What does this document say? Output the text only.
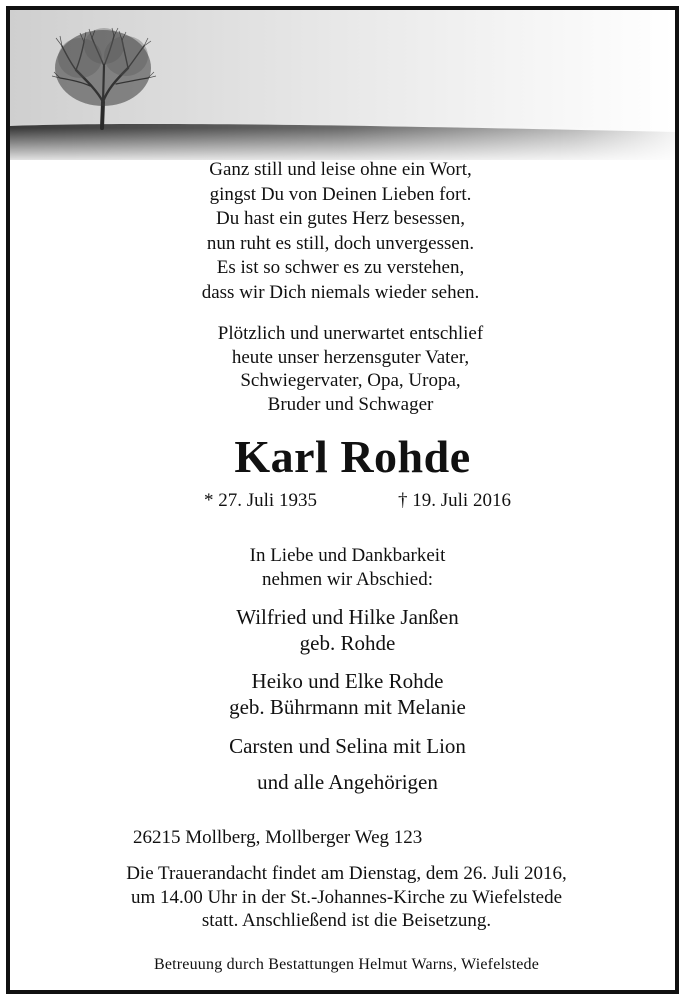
Ganz still und leise ohne ein Wort,
gingst Du von Deinen Lieben fort.
Du hast ein gutes Herz besessen,
nun ruht es still, doch unvergessen.
Es ist so schwer es zu verstehen,
dass wir Dich niemals wieder sehen.
Plötzlich und unerwartet entschlief
heute unser herzensguter Vater,
Schwiegervater, Opa, Uropa,
Bruder und Schwager
Karl Rohde
* 27. Juli 1935	† 19. Juli 2016
In Liebe und Dankbarkeit
nehmen wir Abschied:
Wilfried und Hilke Janßen
geb. Rohde
Heiko und Elke Rohde
geb. Bührmann mit Melanie
Carsten und Selina mit Lion
und alle Angehörigen
26215 Mollberg, Mollberger Weg 123
Die Trauerandacht findet am Dienstag, dem 26. Juli 2016,
um 14.00 Uhr in der St.-Johannes-Kirche zu Wiefelstede
statt. Anschließend ist die Beisetzung.
Betreuung durch Bestattungen Helmut Warns, Wiefelstede
